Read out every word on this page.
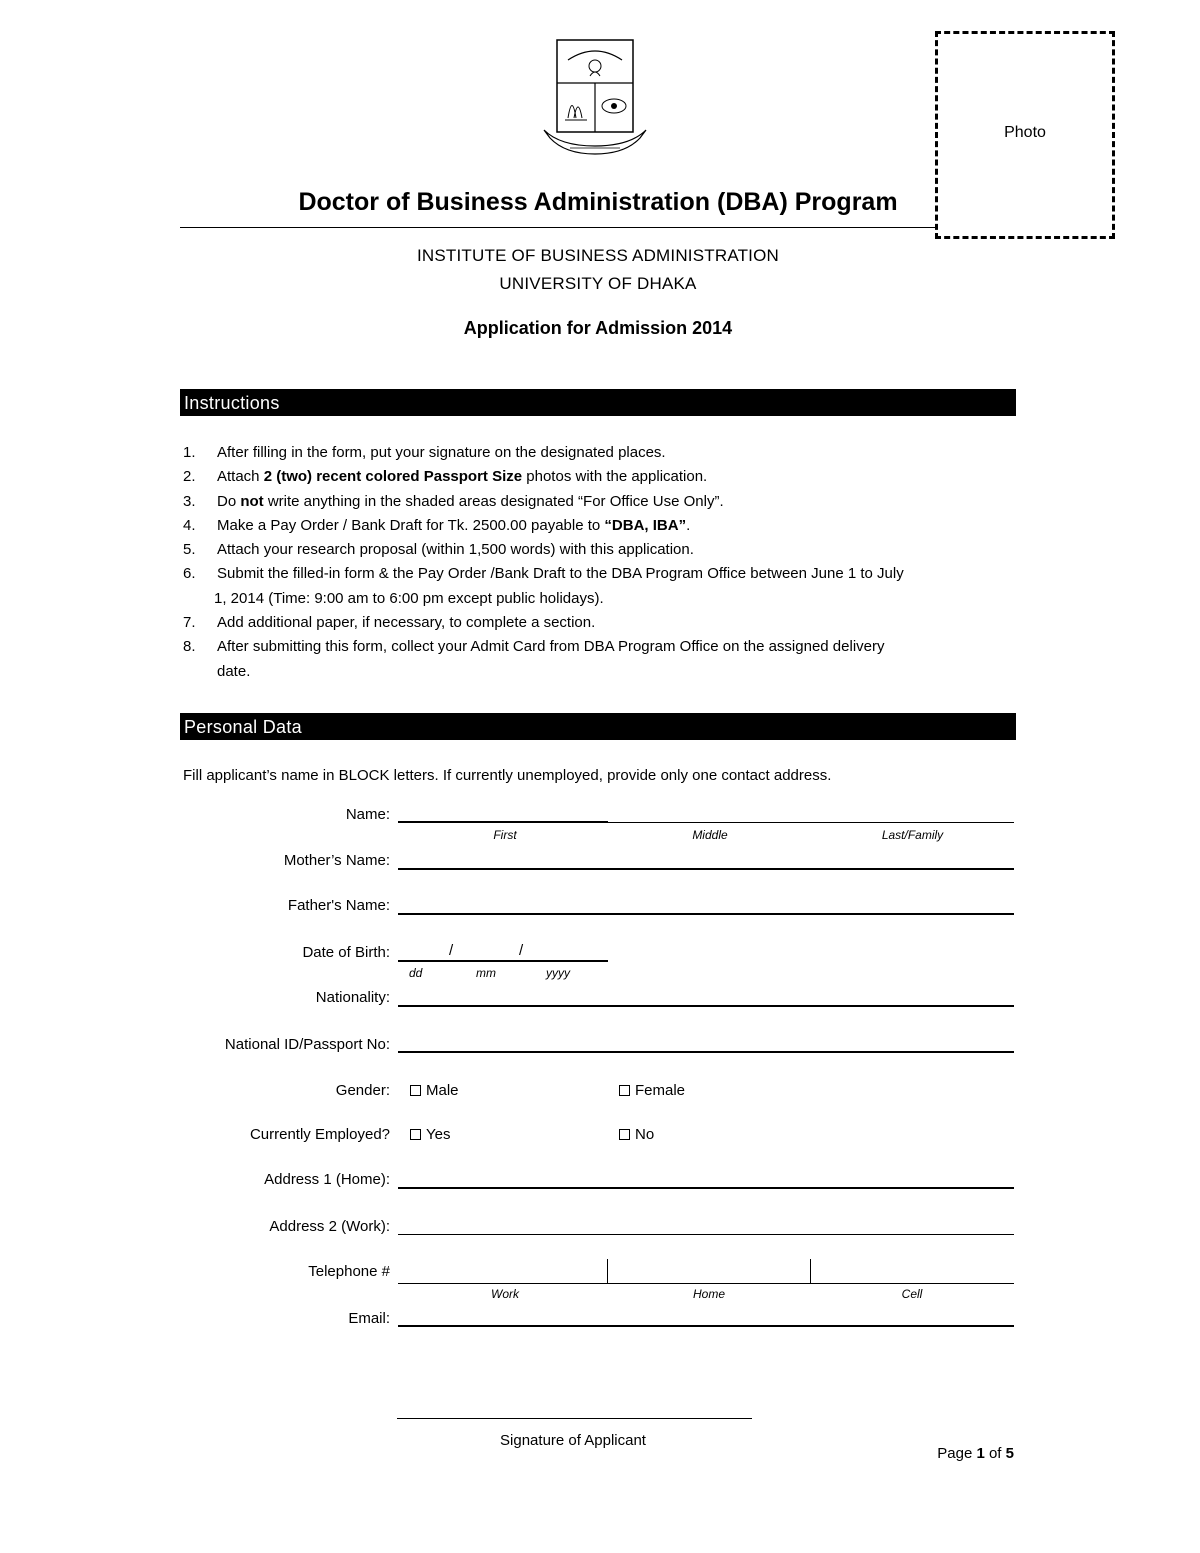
Photo
Doctor of Business Administration (DBA) Program
INSTITUTE OF BUSINESS ADMINISTRATION
UNIVERSITY OF DHAKA
Application for Admission 2014
Instructions
1.	After filling in the form, put your signature on the designated places.
2.	Attach 2 (two) recent colored Passport Size photos with the application.
3.	Do not write anything in the shaded areas designated “For Office Use Only”.
4.	Make a Pay Order / Bank Draft for Tk. 2500.00 payable to “DBA, IBA”.
5.	Attach your research proposal (within 1,500 words) with this application.
6.	Submit the filled-in form & the Pay Order /Bank Draft to the DBA Program Office between June 1 to July
1, 2014 (Time: 9:00 am to 6:00 pm except public holidays).
7.	Add additional paper, if necessary, to complete a section.
8.	After submitting this form, collect your Admit Card from DBA Program Office on the assigned delivery
date.
Personal Data
Fill applicant’s name in BLOCK letters. If currently unemployed, provide only one contact address.
Name:
First	Middle	Last/Family
Mother’s Name:
Father's Name:
Date of Birth:	/	/
dd	mm	yyyy
Nationality:
National ID/Passport No:
Gender: Male	Female
Currently Employed? Yes	No
Address 1 (Home):
Address 2 (Work):
Telephone #
Work	Home	Cell
Email:
Signature of Applicant
Page 1 of 5
